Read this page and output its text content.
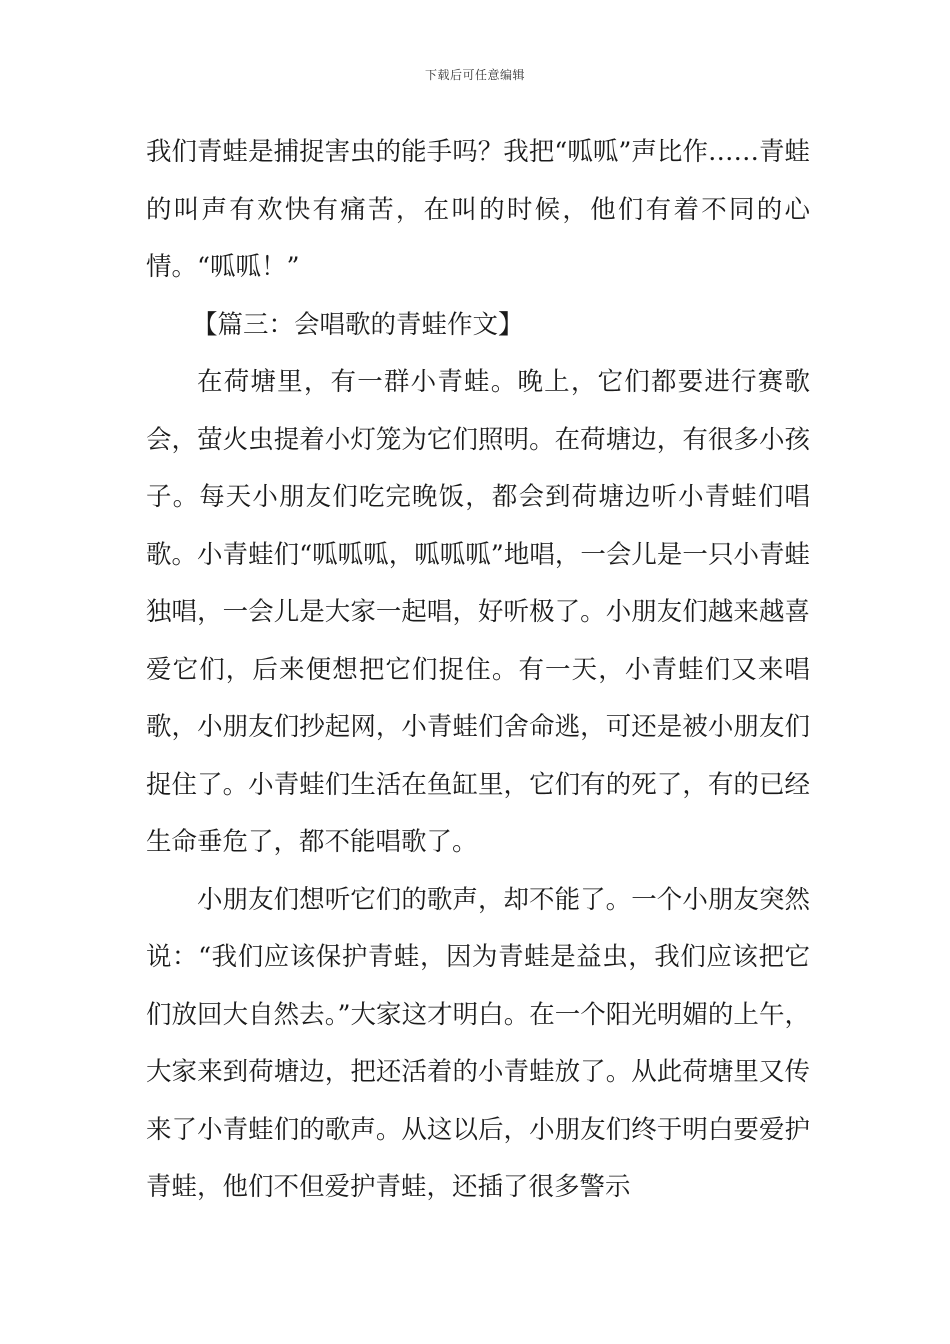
下载后可任意编辑

我们青蛙是捕捉害虫的能手吗？我把“呱呱”声比作……青蛙的叫声有欢快有痛苦，在叫的时候，他们有着不同的心情。“呱呱！”

【篇三：会唱歌的青蛙作文】

在荷塘里，有一群小青蛙。晚上，它们都要进行赛歌会，萤火虫提着小灯笼为它们照明。在荷塘边，有很多小孩子。每天小朋友们吃完晚饭，都会到荷塘边听小青蛙们唱歌。小青蛙们“呱呱呱，呱呱呱”地唱，一会儿是一只小青蛙独唱，一会儿是大家一起唱，好听极了。小朋友们越来越喜爱它们，后来便想把它们捉住。有一天，小青蛙们又来唱歌，小朋友们抄起网，小青蛙们舍命逃，可还是被小朋友们捉住了。小青蛙们生活在鱼缸里，它们有的死了，有的已经生命垂危了，都不能唱歌了。

小朋友们想听它们的歌声，却不能了。一个小朋友突然说：“我们应该保护青蛙，因为青蛙是益虫，我们应该把它们放回大自然去。”大家这才明白。在一个阳光明媚的上午，大家来到荷塘边，把还活着的小青蛙放了。从此荷塘里又传来了小青蛙们的歌声。从这以后，小朋友们终于明白要爱护青蛙，他们不但爱护青蛙，还插了很多警示
